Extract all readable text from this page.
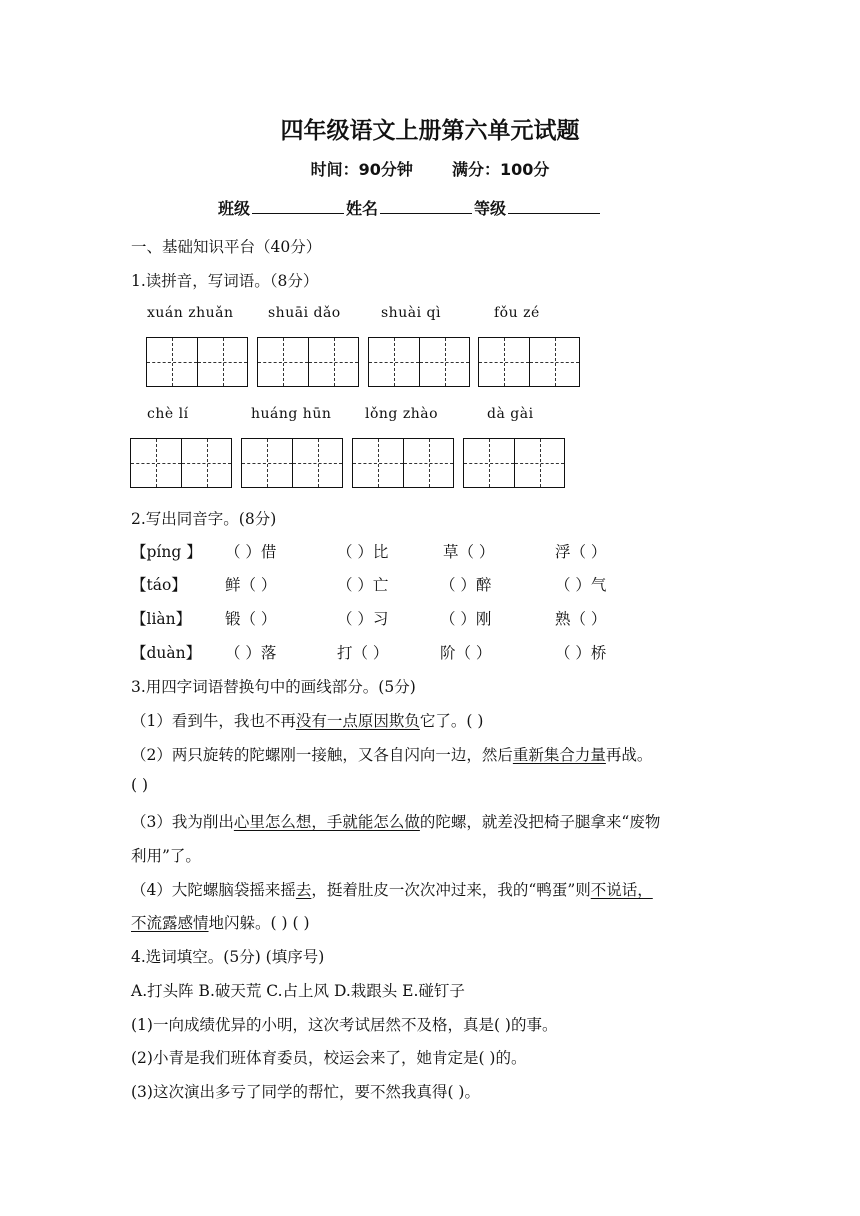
四年级语文上册第六单元试题
时间：90分钟 满分：100分
班级	姓名	等级
一、基础知识平台（40分）
1.读拼音，写词语。（8分）
xuán zhuǎn shuāi dǎo	shuài qì	fǒu zé
chè lí	huáng hūn lǒng zhào	dà gài
2.写出同音字。(8分)
【píng 】 （ ）借	（ ）比	草（ ）	浮（ ）
【táo】 鲜（ ）	（ ）亡	（ ）醉	（ ）气
【liàn】 锻（ ）	（ ）习	（ ）刚	熟（ ）
【duàn】 （ ）落	打（ ）	阶（ ）	（ ）桥
3.用四字词语替换句中的画线部分。(5分)
（1）看到牛，我也不再没有一点原因欺负它了。( )
（2）两只旋转的陀螺刚一接触，又各自闪向一边，然后重新集合力量再战。
( )
（3）我为削出心里怎么想，手就能怎么做的陀螺，就差没把椅子腿拿来“废物
利用”了。
（4）大陀螺脑袋摇来摇去，挺着肚皮一次次冲过来，我的“鸭蛋”则不说话，
不流露感情地闪躲。( ) ( )
4.选词填空。(5分) (填序号)
A.打头阵 B.破天荒 C.占上风 D.栽跟头 E.碰钉子
(1)一向成绩优异的小明，这次考试居然不及格，真是( )的事。
(2)小青是我们班体育委员，校运会来了，她肯定是( )的。
(3)这次演出多亏了同学的帮忙，要不然我真得( )。
